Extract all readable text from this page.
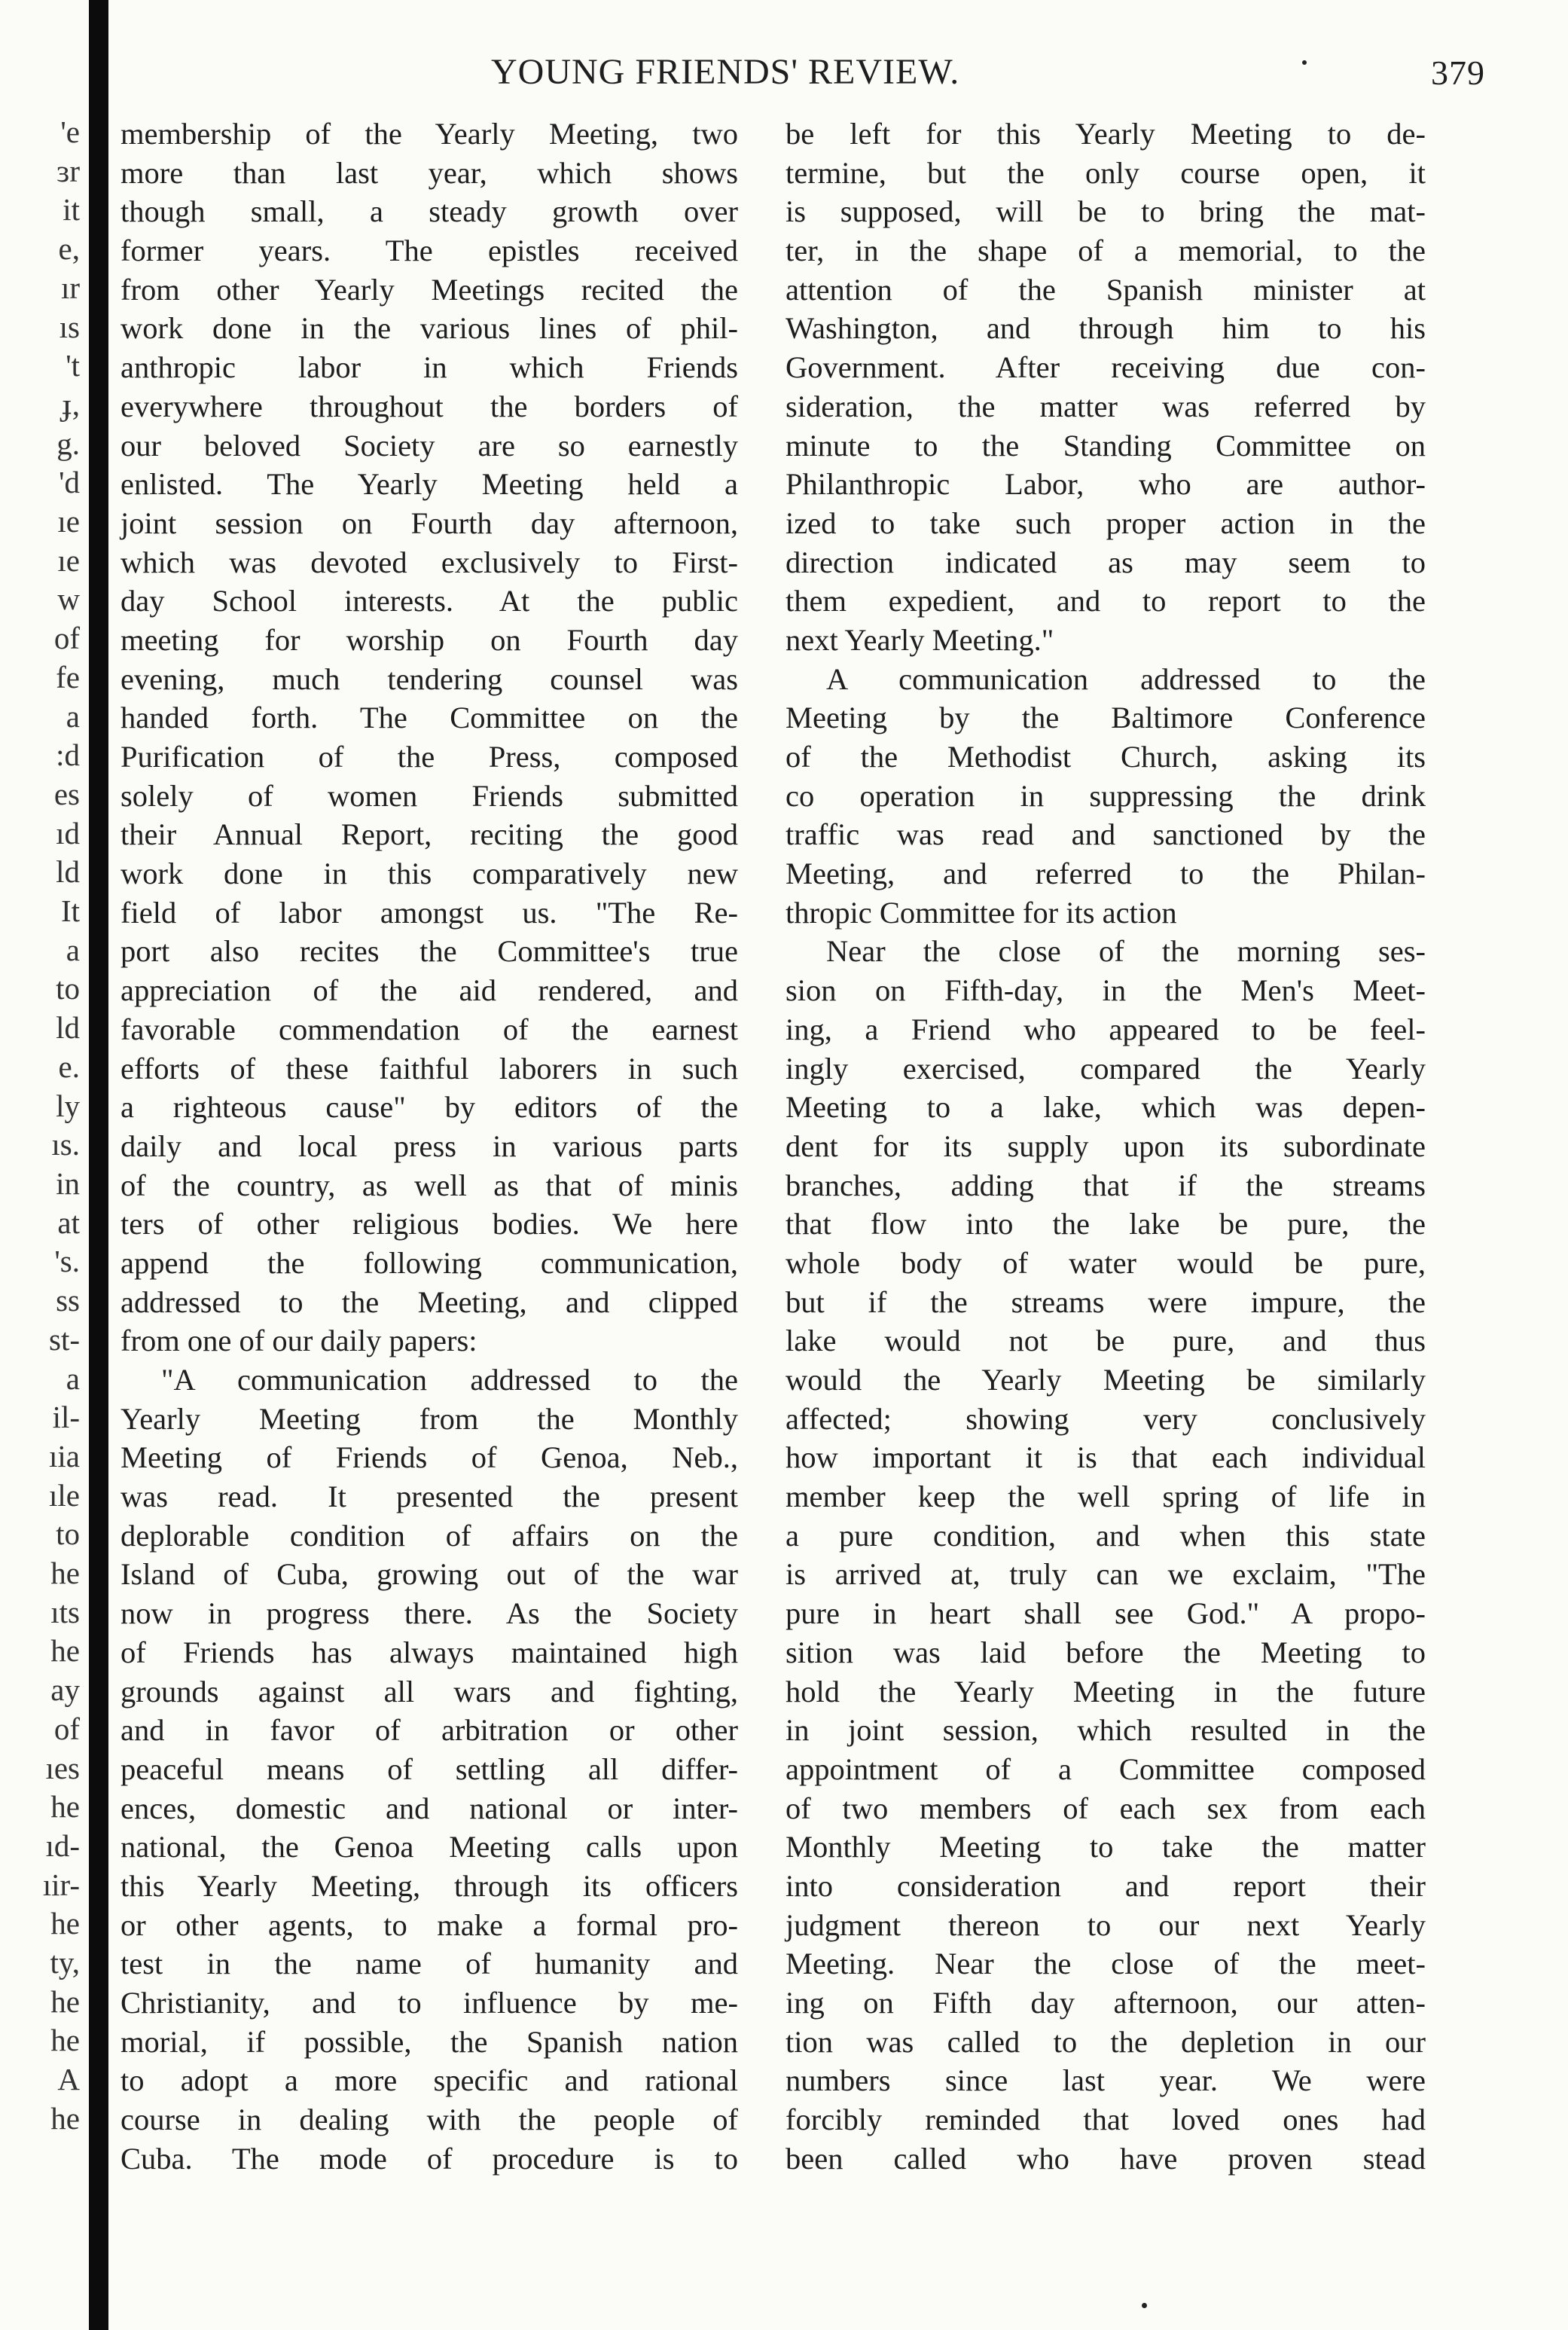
'e
ɜr
it
e,
ır
ıs
't
ɟ,
g.
'd
ıe
ıe
w
of
fe
a
:d
es
ıd
ld
It
a
to
ld
e.
ly
ıs.
in
at
's.
ss
st-
a
il-
ıia
ıle
to
he
ıts
he
ay
of
ıes
he
ıd-
ıir-
he
ty,
he
he
A
he
YOUNG FRIENDS' REVIEW.	379
membership of the Yearly Meeting, two
more than last year, which shows
though small, a steady growth over
former years. The epistles received
from other Yearly Meetings recited the
work done in the various lines of phil-
anthropic labor in which Friends
everywhere throughout the borders of
our beloved Society are so earnestly
enlisted. The Yearly Meeting held a
joint session on Fourth day afternoon,
which was devoted exclusively to First-
day School interests. At the public
meeting for worship on Fourth day
evening, much tendering counsel was
handed forth. The Committee on the
Purification of the Press, composed
solely of women Friends submitted
their Annual Report, reciting the good
work done in this comparatively new
field of labor amongst us. "The Re-
port also recites the Committee's true
appreciation of the aid rendered, and
favorable commendation of the earnest
efforts of these faithful laborers in such
a righteous cause" by editors of the
daily and local press in various parts
of the country, as well as that of minis
ters of other religious bodies. We here
append the following communication,
addressed to the Meeting, and clipped
from one of our daily papers:
"A communication addressed to the
Yearly Meeting from the Monthly
Meeting of Friends of Genoa, Neb.,
was read. It presented the present
deplorable condition of affairs on the
Island of Cuba, growing out of the war
now in progress there. As the Society
of Friends has always maintained high
grounds against all wars and fighting,
and in favor of arbitration or other
peaceful means of settling all differ-
ences, domestic and national or inter-
national, the Genoa Meeting calls upon
this Yearly Meeting, through its officers
or other agents, to make a formal pro-
test in the name of humanity and
Christianity, and to influence by me-
morial, if possible, the Spanish nation
to adopt a more specific and rational
course in dealing with the people of
Cuba. The mode of procedure is to
be left for this Yearly Meeting to de-
termine, but the only course open, it
is supposed, will be to bring the mat-
ter, in the shape of a memorial, to the
attention of the Spanish minister at
Washington, and through him to his
Government. After receiving due con-
sideration, the matter was referred by
minute to the Standing Committee on
Philanthropic Labor, who are author-
ized to take such proper action in the
direction indicated as may seem to
them expedient, and to report to the
next Yearly Meeting."
A communication addressed to the
Meeting by the Baltimore Conference
of the Methodist Church, asking its
co operation in suppressing the drink
traffic was read and sanctioned by the
Meeting, and referred to the Philan-
thropic Committee for its action
Near the close of the morning ses-
sion on Fifth-day, in the Men's Meet-
ing, a Friend who appeared to be feel-
ingly exercised, compared the Yearly
Meeting to a lake, which was depen-
dent for its supply upon its subordinate
branches, adding that if the streams
that flow into the lake be pure, the
whole body of water would be pure,
but if the streams were impure, the
lake would not be pure, and thus
would the Yearly Meeting be similarly
affected; showing very conclusively
how important it is that each individual
member keep the well spring of life in
a pure condition, and when this state
is arrived at, truly can we exclaim, "The
pure in heart shall see God." A propo-
sition was laid before the Meeting to
hold the Yearly Meeting in the future
in joint session, which resulted in the
appointment of a Committee composed
of two members of each sex from each
Monthly Meeting to take the matter
into consideration and report their
judgment thereon to our next Yearly
Meeting. Near the close of the meet-
ing on Fifth day afternoon, our atten-
tion was called to the depletion in our
numbers since last year. We were
forcibly reminded that loved ones had
been called who have proven stead
